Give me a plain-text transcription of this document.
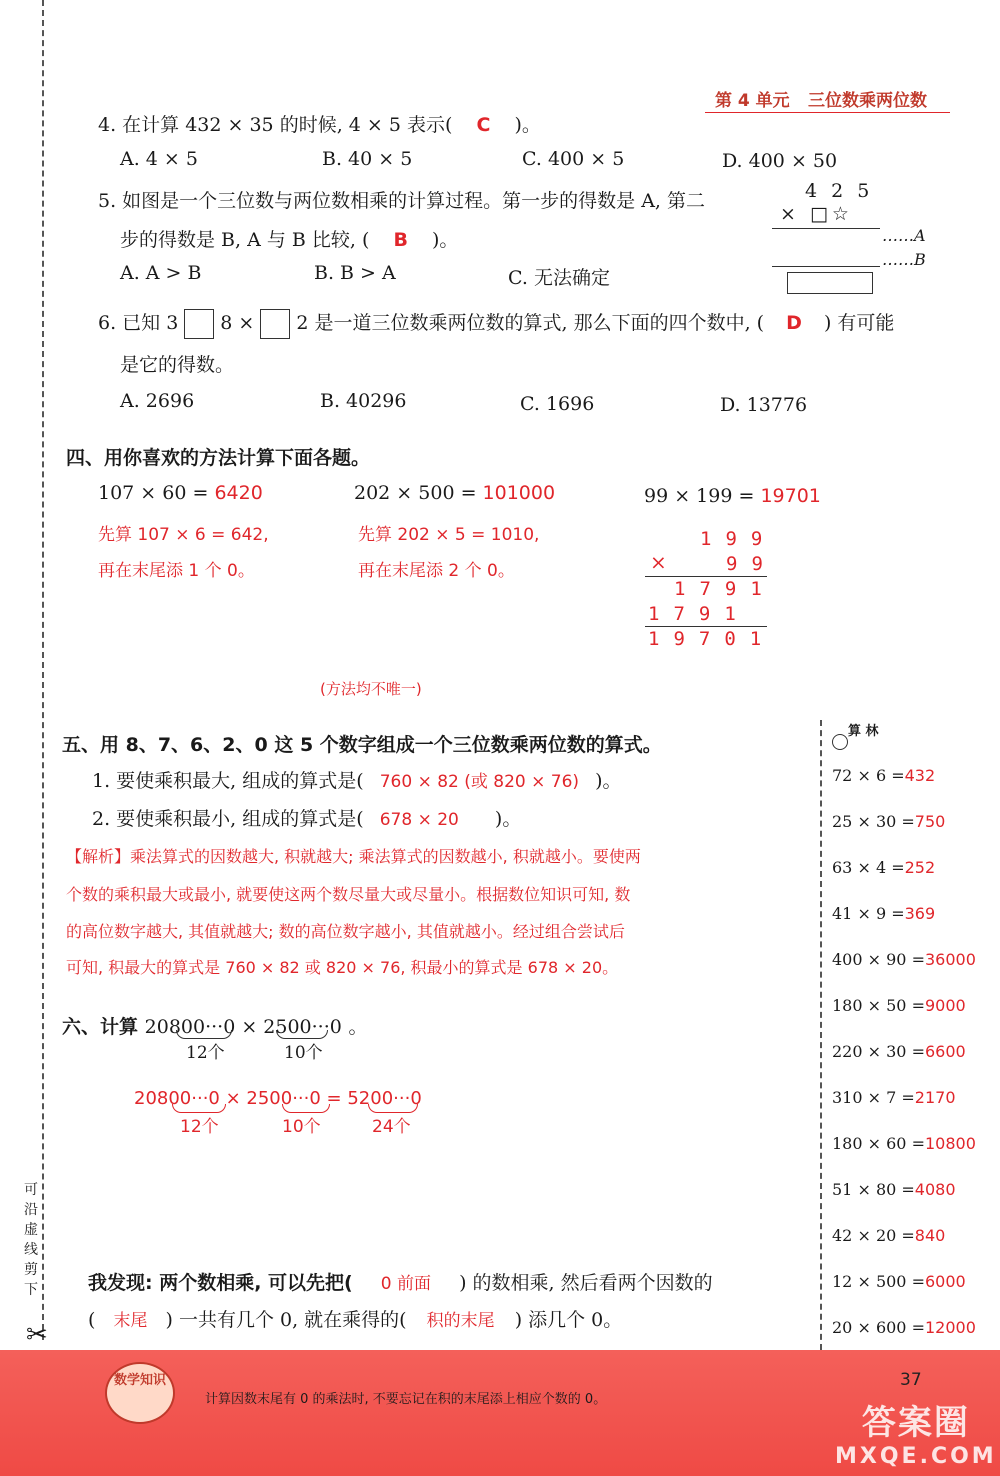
可沿虚线剪下
✂
第 4 单元 三位数乘两位数
4. 在计算 432 × 35 的时候, 4 × 5 表示( C )。
A. 4 × 5	B. 40 × 5	C. 400 × 5	D. 400 × 50
5. 如图是一个三位数与两位数相乘的计算过程。第一步的得数是 A, 第二
步的得数是 B, A 与 B 比较, ( B )。
A. A > B	B. B > A	C. 无法确定
4 2 5
× □☆
……A
……B
6. 已知 3 8 × 2 是一道三位数乘两位数的算式, 那么下面的四个数中, ( D ) 有可能
是它的得数。
A. 2696	B. 40296	C. 1696	D. 13776
四、用你喜欢的方法计算下面各题。
107 × 60 = 6420
先算 107 × 6 = 642,
再在末尾添 1 个 0。
202 × 500 = 101000
先算 202 × 5 = 1010,
再在末尾添 2 个 0。
99 × 199 = 19701
199
×	99
1791
1791
19701
(方法均不唯一)
五、用 8、7、6、2、0 这 5 个数字组成一个三位数乘两位数的算式。
1. 要使乘积最大, 组成的算式是( 760 × 82 (或 820 × 76) )。
2. 要使乘积最小, 组成的算式是( 678 × 20 )。
【解析】乘法算式的因数越大, 积就越大; 乘法算式的因数越小, 积就越小。要使两
个数的乘积最大或最小, 就要使这两个数尽量大或尽量小。根据数位知识可知, 数
的高位数字越大, 其值就越大; 数的高位数字越小, 其值就越小。经过组合尝试后
可知, 积最大的算式是 760 × 82 或 820 × 76, 积最小的算式是 678 × 20。
六、计算 20800···0 × 2500···0 。
12个	10个
20800···0 × 2500···0 = 5200···0
12个	10个	24个
我发现: 两个数相乘, 可以先把( 0 前面 ) 的数相乘, 然后看两个因数的
( 末尾 ) 一共有几个 0, 就在乘得的( 积的末尾 ) 添几个 0。
算 林
72 × 6 =432
25 × 30 =750
63 × 4 =252
41 × 9 =369
400 × 90 =36000
180 × 50 =9000
220 × 30 =6600
310 × 7 =2170
180 × 60 =10800
51 × 80 =4080
42 × 20 =840
12 × 500 =6000
20 × 600 =12000
数学知识
计算因数末尾有 0 的乘法时, 不要忘记在积的末尾添上相应个数的 0。
37
答案圈
MXQE.COM
